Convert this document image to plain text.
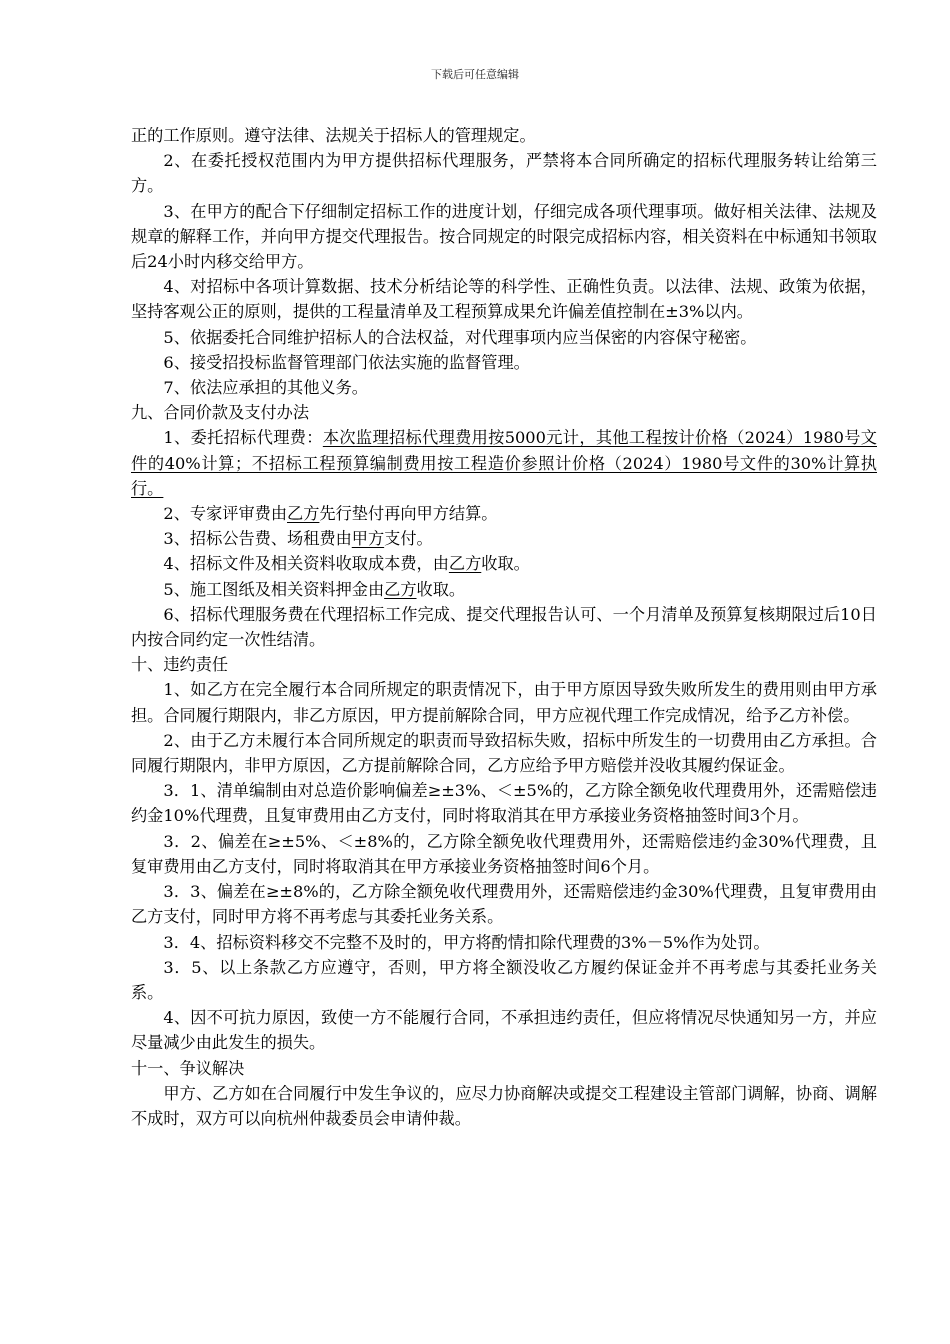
下载后可任意编辑

正的工作原则。遵守法律、法规关于招标人的管理规定。

2、在委托授权范围内为甲方提供招标代理服务，严禁将本合同所确定的招标代理服务转让给第三方。

3、在甲方的配合下仔细制定招标工作的进度计划，仔细完成各项代理事项。做好相关法律、法规及规章的解释工作，并向甲方提交代理报告。按合同规定的时限完成招标内容，相关资料在中标通知书领取后24小时内移交给甲方。

4、对招标中各项计算数据、技术分析结论等的科学性、正确性负责。以法律、法规、政策为依据，坚持客观公正的原则，提供的工程量清单及工程预算成果允许偏差值控制在±3%以内。

5、依据委托合同维护招标人的合法权益，对代理事项内应当保密的内容保守秘密。

6、接受招投标监督管理部门依法实施的监督管理。

7、依法应承担的其他义务。

九、合同价款及支付办法

1、委托招标代理费：本次监理招标代理费用按5000元计，其他工程按计价格（2024）1980号文件的40%计算；不招标工程预算编制费用按工程造价参照计价格（2024）1980号文件的30%计算执行。

2、专家评审费由乙方先行垫付再向甲方结算。

3、招标公告费、场租费由甲方支付。

4、招标文件及相关资料收取成本费，由乙方收取。

5、施工图纸及相关资料押金由乙方收取。

6、招标代理服务费在代理招标工作完成、提交代理报告认可、一个月清单及预算复核期限过后10日内按合同约定一次性结清。

十、违约责任

1、如乙方在完全履行本合同所规定的职责情况下，由于甲方原因导致失败所发生的费用则由甲方承担。合同履行期限内，非乙方原因，甲方提前解除合同，甲方应视代理工作完成情况，给予乙方补偿。

2、由于乙方未履行本合同所规定的职责而导致招标失败，招标中所发生的一切费用由乙方承担。合同履行期限内，非甲方原因，乙方提前解除合同，乙方应给予甲方赔偿并没收其履约保证金。

3．1、清单编制由对总造价影响偏差≥±3%、＜±5%的，乙方除全额免收代理费用外，还需赔偿违约金10%代理费，且复审费用由乙方支付，同时将取消其在甲方承接业务资格抽签时间3个月。

3．2、偏差在≥±5%、＜±8%的，乙方除全额免收代理费用外，还需赔偿违约金30%代理费，且复审费用由乙方支付，同时将取消其在甲方承接业务资格抽签时间6个月。

3．3、偏差在≥±8%的，乙方除全额免收代理费用外，还需赔偿违约金30%代理费，且复审费用由乙方支付，同时甲方将不再考虑与其委托业务关系。

3．4、招标资料移交不完整不及时的，甲方将酌情扣除代理费的3%－5%作为处罚。

3．5、以上条款乙方应遵守，否则，甲方将全额没收乙方履约保证金并不再考虑与其委托业务关系。

4、因不可抗力原因，致使一方不能履行合同，不承担违约责任，但应将情况尽快通知另一方，并应尽量减少由此发生的损失。

十一、争议解决

甲方、乙方如在合同履行中发生争议的，应尽力协商解决或提交工程建设主管部门调解，协商、调解不成时，双方可以向杭州仲裁委员会申请仲裁。
